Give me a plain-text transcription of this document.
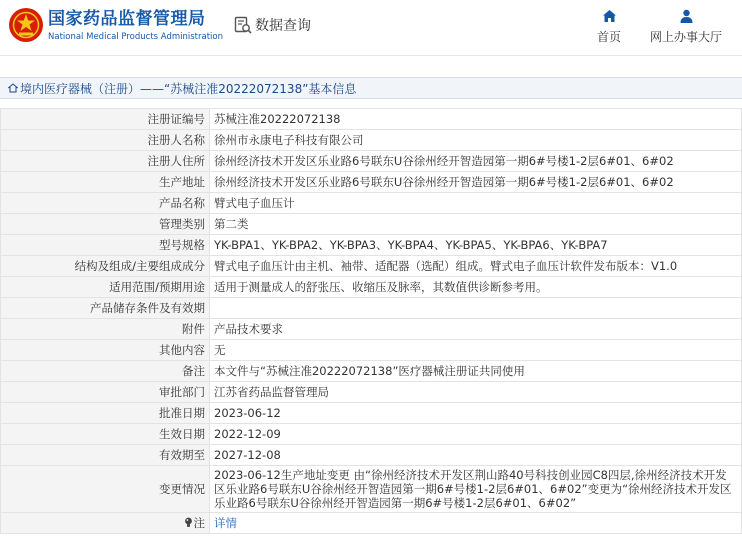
国家药品监督管理局
National Medical Products Administration
数据查询
首页 网上办事大厅
境内医疗器械（注册）——“苏械注准20222072138”基本信息
注册证编号	苏械注准20222072138
注册人名称	徐州市永康电子科技有限公司
注册人住所	徐州经济技术开发区乐业路6号联东U谷徐州经开智造园第一期6#号楼1-2层6#01、6#02
生产地址	徐州经济技术开发区乐业路6号联东U谷徐州经开智造园第一期6#号楼1-2层6#01、6#02
产品名称	臂式电子血压计
管理类别	第二类
型号规格	YK-BPA1、YK-BPA2、YK-BPA3、YK-BPA4、YK-BPA5、YK-BPA6、YK-BPA7
结构及组成/主要组成成分	臂式电子血压计由主机、袖带、适配器（选配）组成。臂式电子血压计软件发布版本：V1.0
适用范围/预期用途	适用于测量成人的舒张压、收缩压及脉率，其数值供诊断参考用。
产品储存条件及有效期	
附件	产品技术要求
其他内容	无
备注	本文件与“苏械注准20222072138”医疗器械注册证共同使用
审批部门	江苏省药品监督管理局
批准日期	2023-06-12
生效日期	2022-12-09
有效期至	2027-12-08
变更情况	2023-06-12生产地址变更 由“徐州经济技术开发区荆山路40号科技创业园C8四层,徐州经济技术开发区乐业路6号联东U谷徐州经开智造园第一期6#号楼1-2层6#01、6#02”变更为“徐州经济技术开发区乐业路6号联东U谷徐州经开智造园第一期6#号楼1-2层6#01、6#02”
注	详情
